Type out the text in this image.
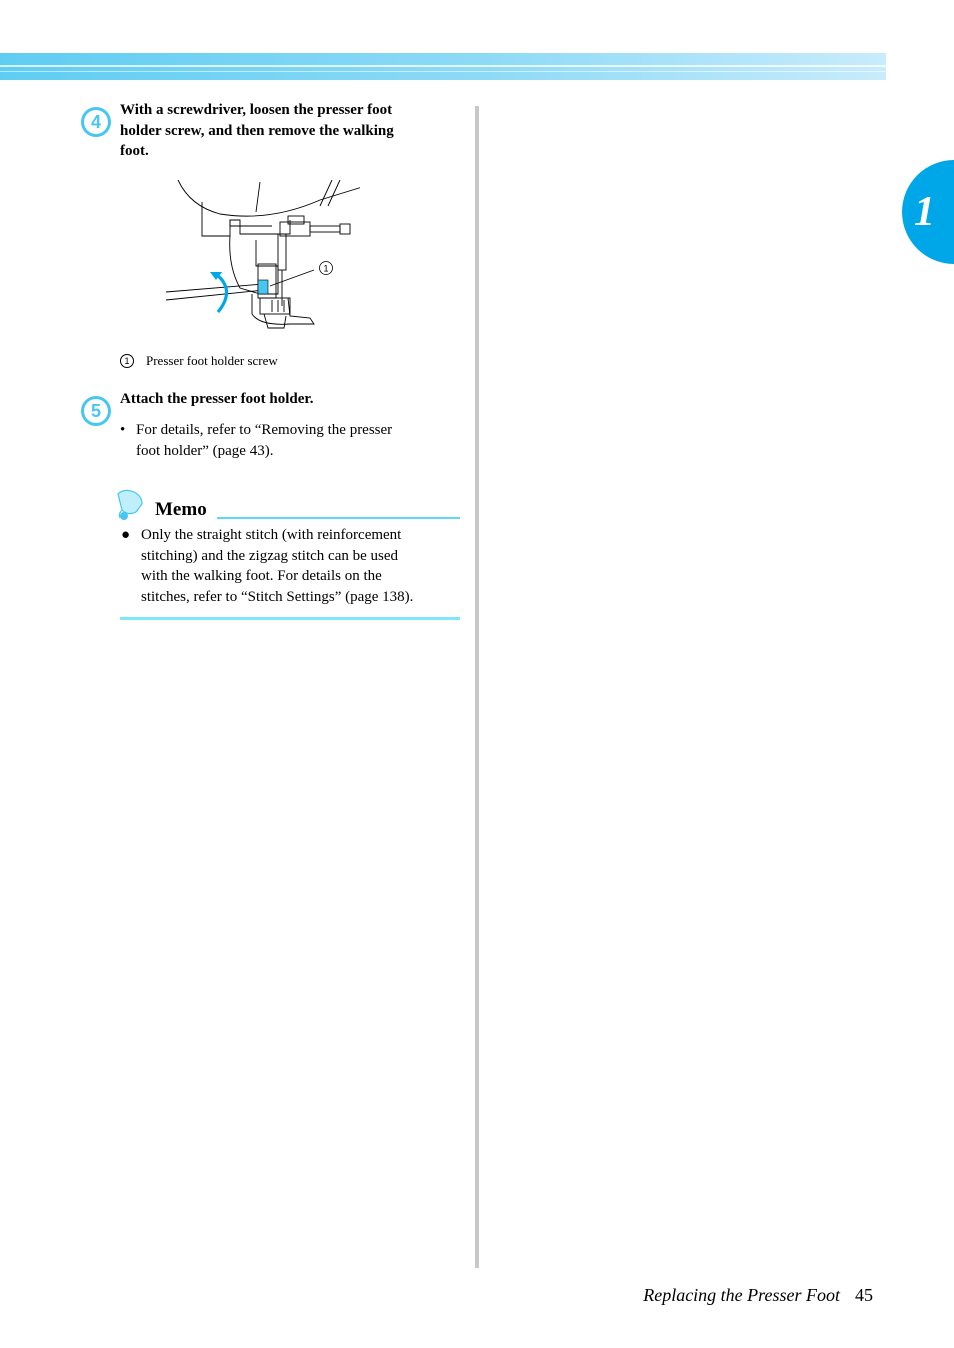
1
4
With a screwdriver, loosen the presser foot
holder screw, and then remove the walking
foot.
1
1 Presser foot holder screw
5
Attach the presser foot holder.
• For details, refer to “Removing the presser
foot holder” (page 43).
Memo
● Only the straight stitch (with reinforcement
stitching) and the zigzag stitch can be used
with the walking foot. For details on the
stitches, refer to “Stitch Settings” (page 138).
Replacing the Presser Foot 45
